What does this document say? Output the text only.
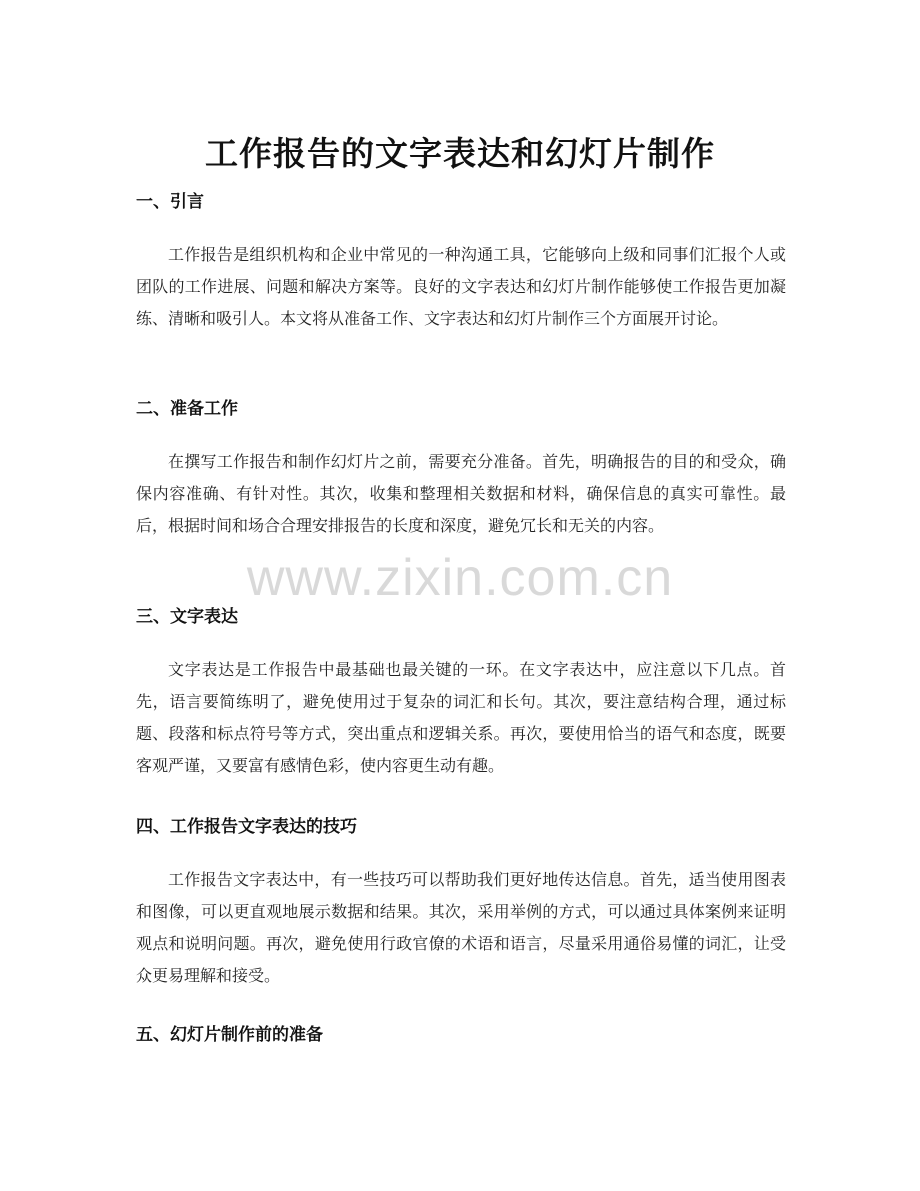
工作报告的文字表达和幻灯片制作
www.zixin.com.cn
一、引言

工作报告是组织机构和企业中常见的一种沟通工具，它能够向上级和同事们汇报个人或团队的工作进展、问题和解决方案等。良好的文字表达和幻灯片制作能够使工作报告更加凝练、清晰和吸引人。本文将从准备工作、文字表达和幻灯片制作三个方面展开讨论。

二、准备工作

在撰写工作报告和制作幻灯片之前，需要充分准备。首先，明确报告的目的和受众，确保内容准确、有针对性。其次，收集和整理相关数据和材料，确保信息的真实可靠性。最后，根据时间和场合合理安排报告的长度和深度，避免冗长和无关的内容。

三、文字表达

文字表达是工作报告中最基础也最关键的一环。在文字表达中，应注意以下几点。首先，语言要简练明了，避免使用过于复杂的词汇和长句。其次，要注意结构合理，通过标题、段落和标点符号等方式，突出重点和逻辑关系。再次，要使用恰当的语气和态度，既要客观严谨，又要富有感情色彩，使内容更生动有趣。

四、工作报告文字表达的技巧

工作报告文字表达中，有一些技巧可以帮助我们更好地传达信息。首先，适当使用图表和图像，可以更直观地展示数据和结果。其次，采用举例的方式，可以通过具体案例来证明观点和说明问题。再次，避免使用行政官僚的术语和语言，尽量采用通俗易懂的词汇，让受众更易理解和接受。

五、幻灯片制作前的准备
